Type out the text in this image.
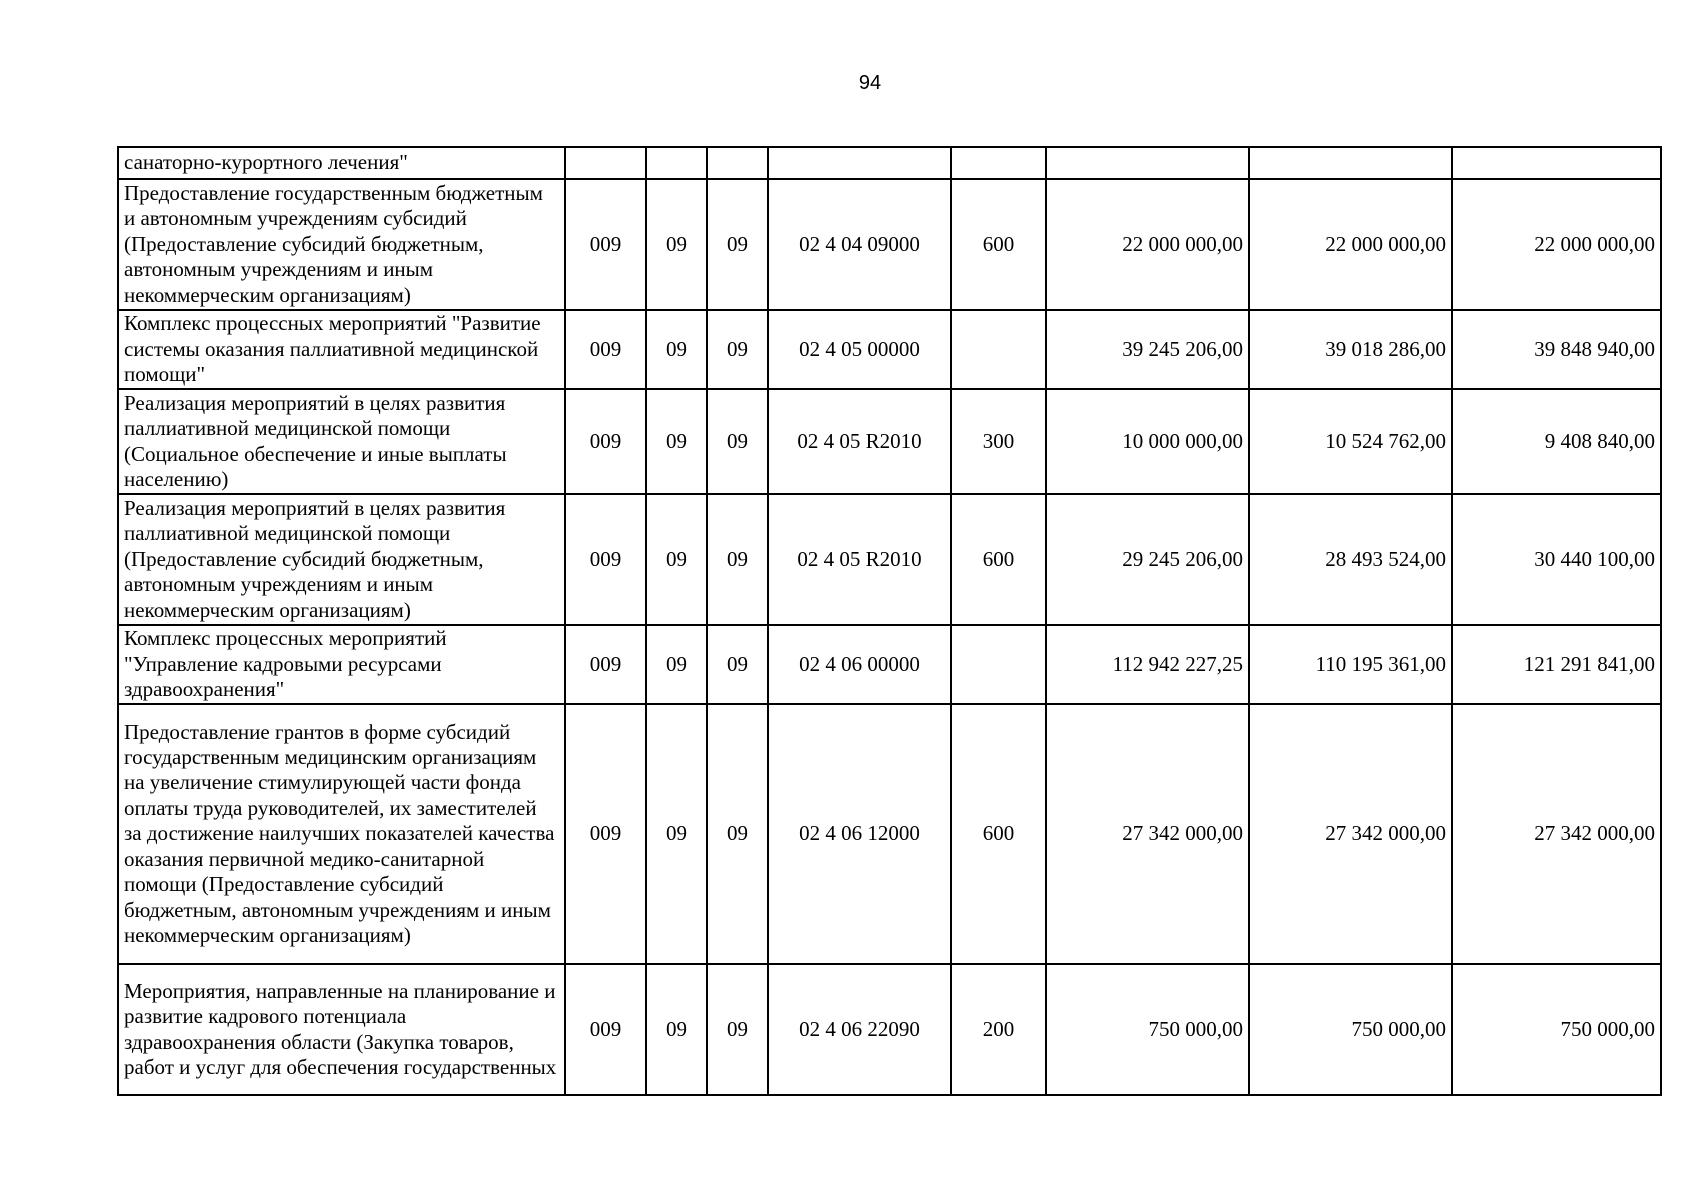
94
санаторно-курортного лечения"								
Предоставление государственным бюджетным и автономным учреждениям субсидий (Предоставление субсидий бюджетным, автономным учреждениям и иным некоммерческим организациям)	009	09	09	02 4 04 09000	600	22 000 000,00	22 000 000,00	22 000 000,00
Комплекс процессных мероприятий "Развитие системы оказания паллиативной медицинской помощи"	009	09	09	02 4 05 00000		39 245 206,00	39 018 286,00	39 848 940,00
Реализация мероприятий в целях развития паллиативной медицинской помощи (Социальное обеспечение и иные выплаты населению)	009	09	09	02 4 05 R2010	300	10 000 000,00	10 524 762,00	9 408 840,00
Реализация мероприятий в целях развития паллиативной медицинской помощи (Предоставление субсидий бюджетным, автономным учреждениям и иным некоммерческим организациям)	009	09	09	02 4 05 R2010	600	29 245 206,00	28 493 524,00	30 440 100,00
Комплекс процессных мероприятий "Управление кадровыми ресурсами здравоохранения"	009	09	09	02 4 06 00000		112 942 227,25	110 195 361,00	121 291 841,00
Предоставление грантов в форме субсидий государственным медицинским организациям на увеличение стимулирующей части фонда оплаты труда руководителей, их заместителей за достижение наилучших показателей качества оказания первичной медико-санитарной помощи (Предоставление субсидий бюджетным, автономным учреждениям и иным некоммерческим организациям)	009	09	09	02 4 06 12000	600	27 342 000,00	27 342 000,00	27 342 000,00
Мероприятия, направленные на планирование и развитие кадрового потенциала здравоохранения области (Закупка товаров, работ и услуг для обеспечения государственных	009	09	09	02 4 06 22090	200	750 000,00	750 000,00	750 000,00
